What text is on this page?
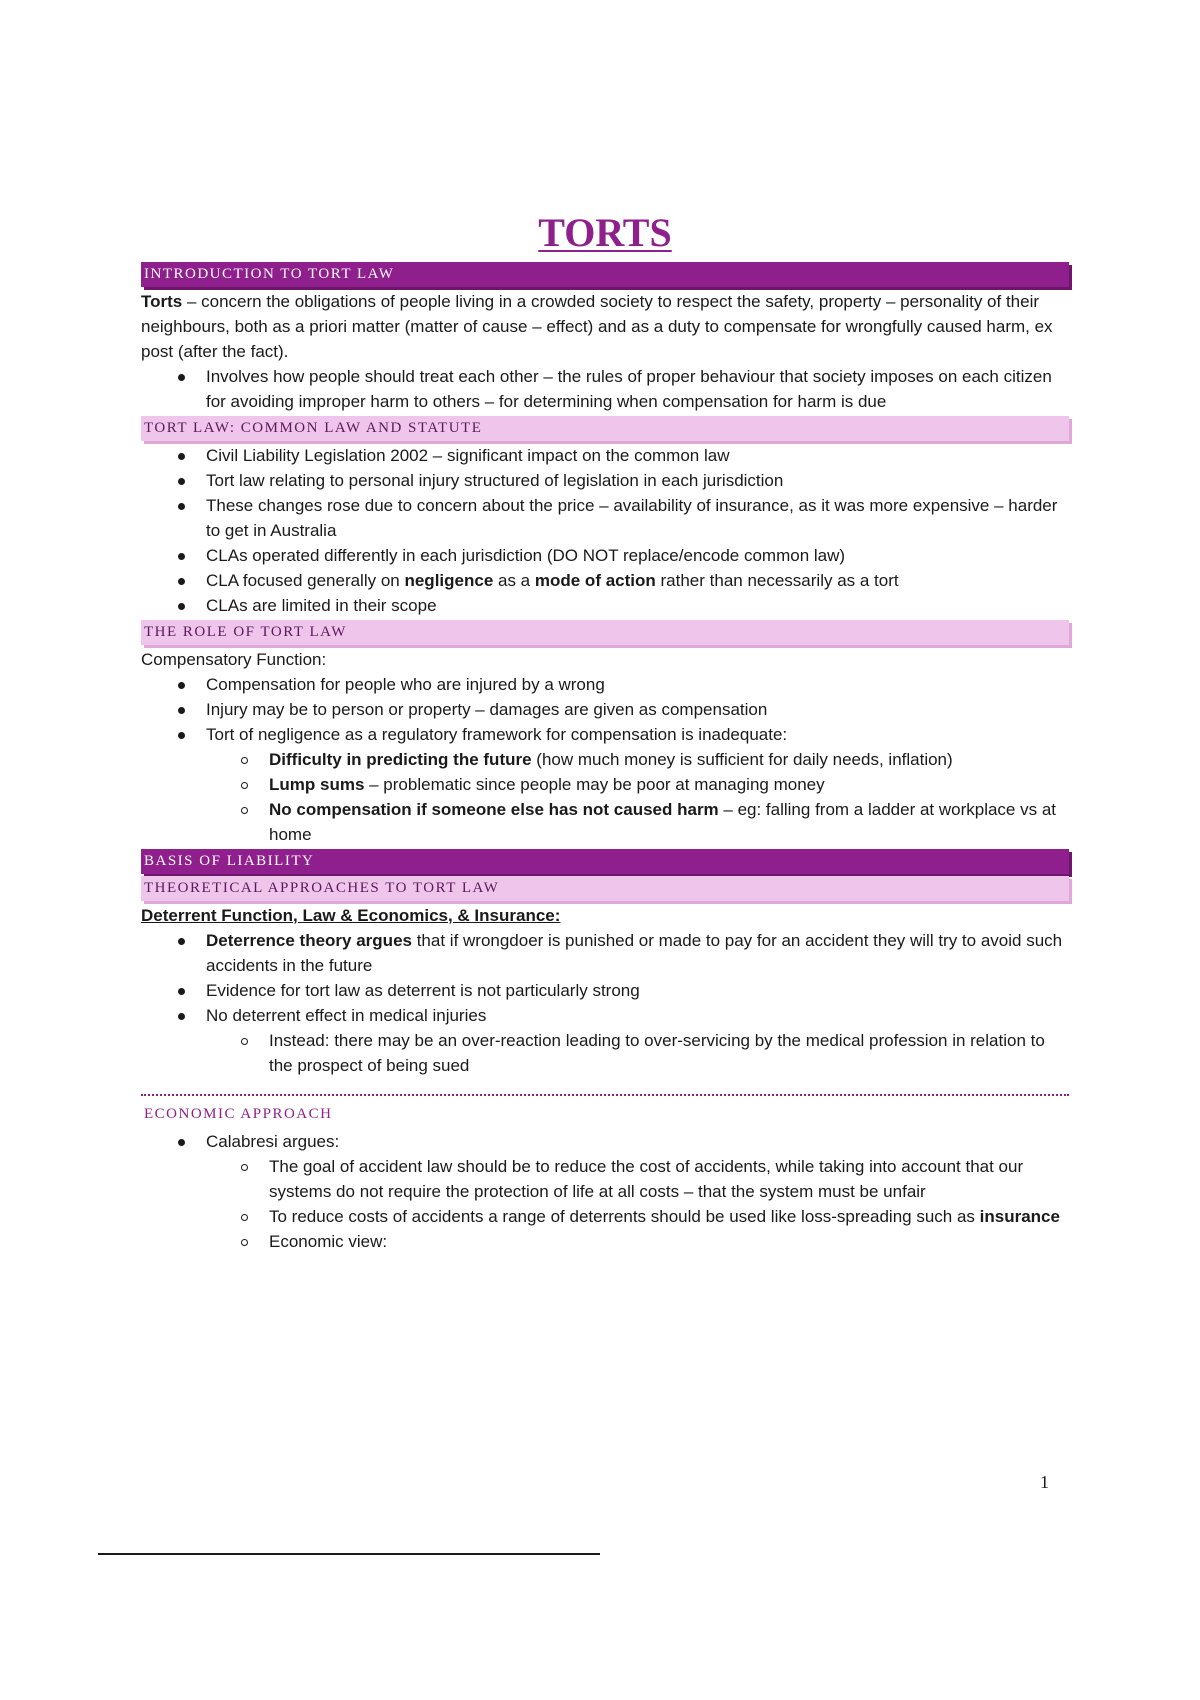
TORTS
INTRODUCTION TO TORT LAW

Torts – concern the obligations of people living in a crowded society to respect the safety, property – personality of their neighbours, both as a priori matter (matter of cause – effect) and as a duty to compensate for wrongfully caused harm, ex post (after the fact).

Involves how people should treat each other – the rules of proper behaviour that society imposes on each citizen for avoiding improper harm to others – for determining when compensation for harm is due
TORT LAW: COMMON LAW AND STATUTE
Civil Liability Legislation 2002 – significant impact on the common law
Tort law relating to personal injury structured of legislation in each jurisdiction
These changes rose due to concern about the price – availability of insurance, as it was more expensive – harder to get in Australia
CLAs operated differently in each jurisdiction (DO NOT replace/encode common law)
CLA focused generally on negligence as a mode of action rather than necessarily as a tort
CLAs are limited in their scope
THE ROLE OF TORT LAW

Compensatory Function:

Compensation for people who are injured by a wrong
Injury may be to person or property – damages are given as compensation
Tort of negligence as a regulatory framework for compensation is inadequate:
Difficulty in predicting the future (how much money is sufficient for daily needs, inflation)
Lump sums – problematic since people may be poor at managing money
No compensation if someone else has not caused harm – eg: falling from a ladder at workplace vs at home
BASIS OF LIABILITY
THEORETICAL APPROACHES TO TORT LAW

Deterrent Function, Law & Economics, & Insurance:

Deterrence theory argues that if wrongdoer is punished or made to pay for an accident they will try to avoid such accidents in the future
Evidence for tort law as deterrent is not particularly strong
No deterrent effect in medical injuries
Instead: there may be an over-reaction leading to over-servicing by the medical profession in relation to the prospect of being sued
ECONOMIC APPROACH
Calabresi argues:
The goal of accident law should be to reduce the cost of accidents, while taking into account that our systems do not require the protection of life at all costs – that the system must be unfair
To reduce costs of accidents a range of deterrents should be used like loss-spreading such as insurance
Economic view:
1
